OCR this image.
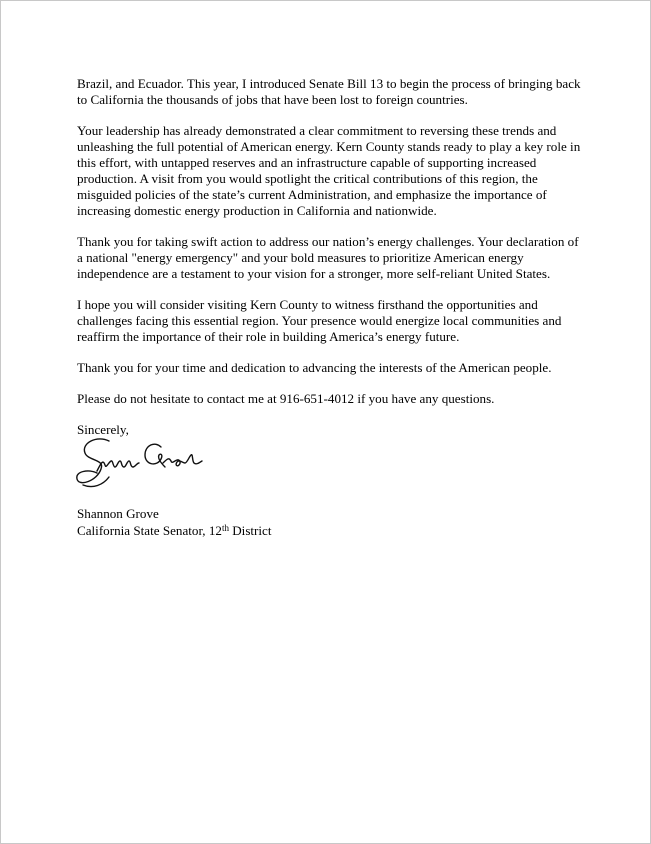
Brazil, and Ecuador. This year, I introduced Senate Bill 13 to begin the process of bringing back
to California the thousands of jobs that have been lost to foreign countries.

Your leadership has already demonstrated a clear commitment to reversing these trends and
unleashing the full potential of American energy. Kern County stands ready to play a key role in
this effort, with untapped reserves and an infrastructure capable of supporting increased
production. A visit from you would spotlight the critical contributions of this region, the
misguided policies of the state’s current Administration, and emphasize the importance of
increasing domestic energy production in California and nationwide.

Thank you for taking swift action to address our nation’s energy challenges. Your declaration of
a national "energy emergency" and your bold measures to prioritize American energy
independence are a testament to your vision for a stronger, more self-reliant United States.

I hope you will consider visiting Kern County to witness firsthand the opportunities and
challenges facing this essential region. Your presence would energize local communities and
reaffirm the importance of their role in building America’s energy future.

Thank you for your time and dedication to advancing the interests of the American people.

Please do not hesitate to contact me at 916-651-4012 if you have any questions.

Sincerely,

Shannon Grove
California State Senator, 12th District
